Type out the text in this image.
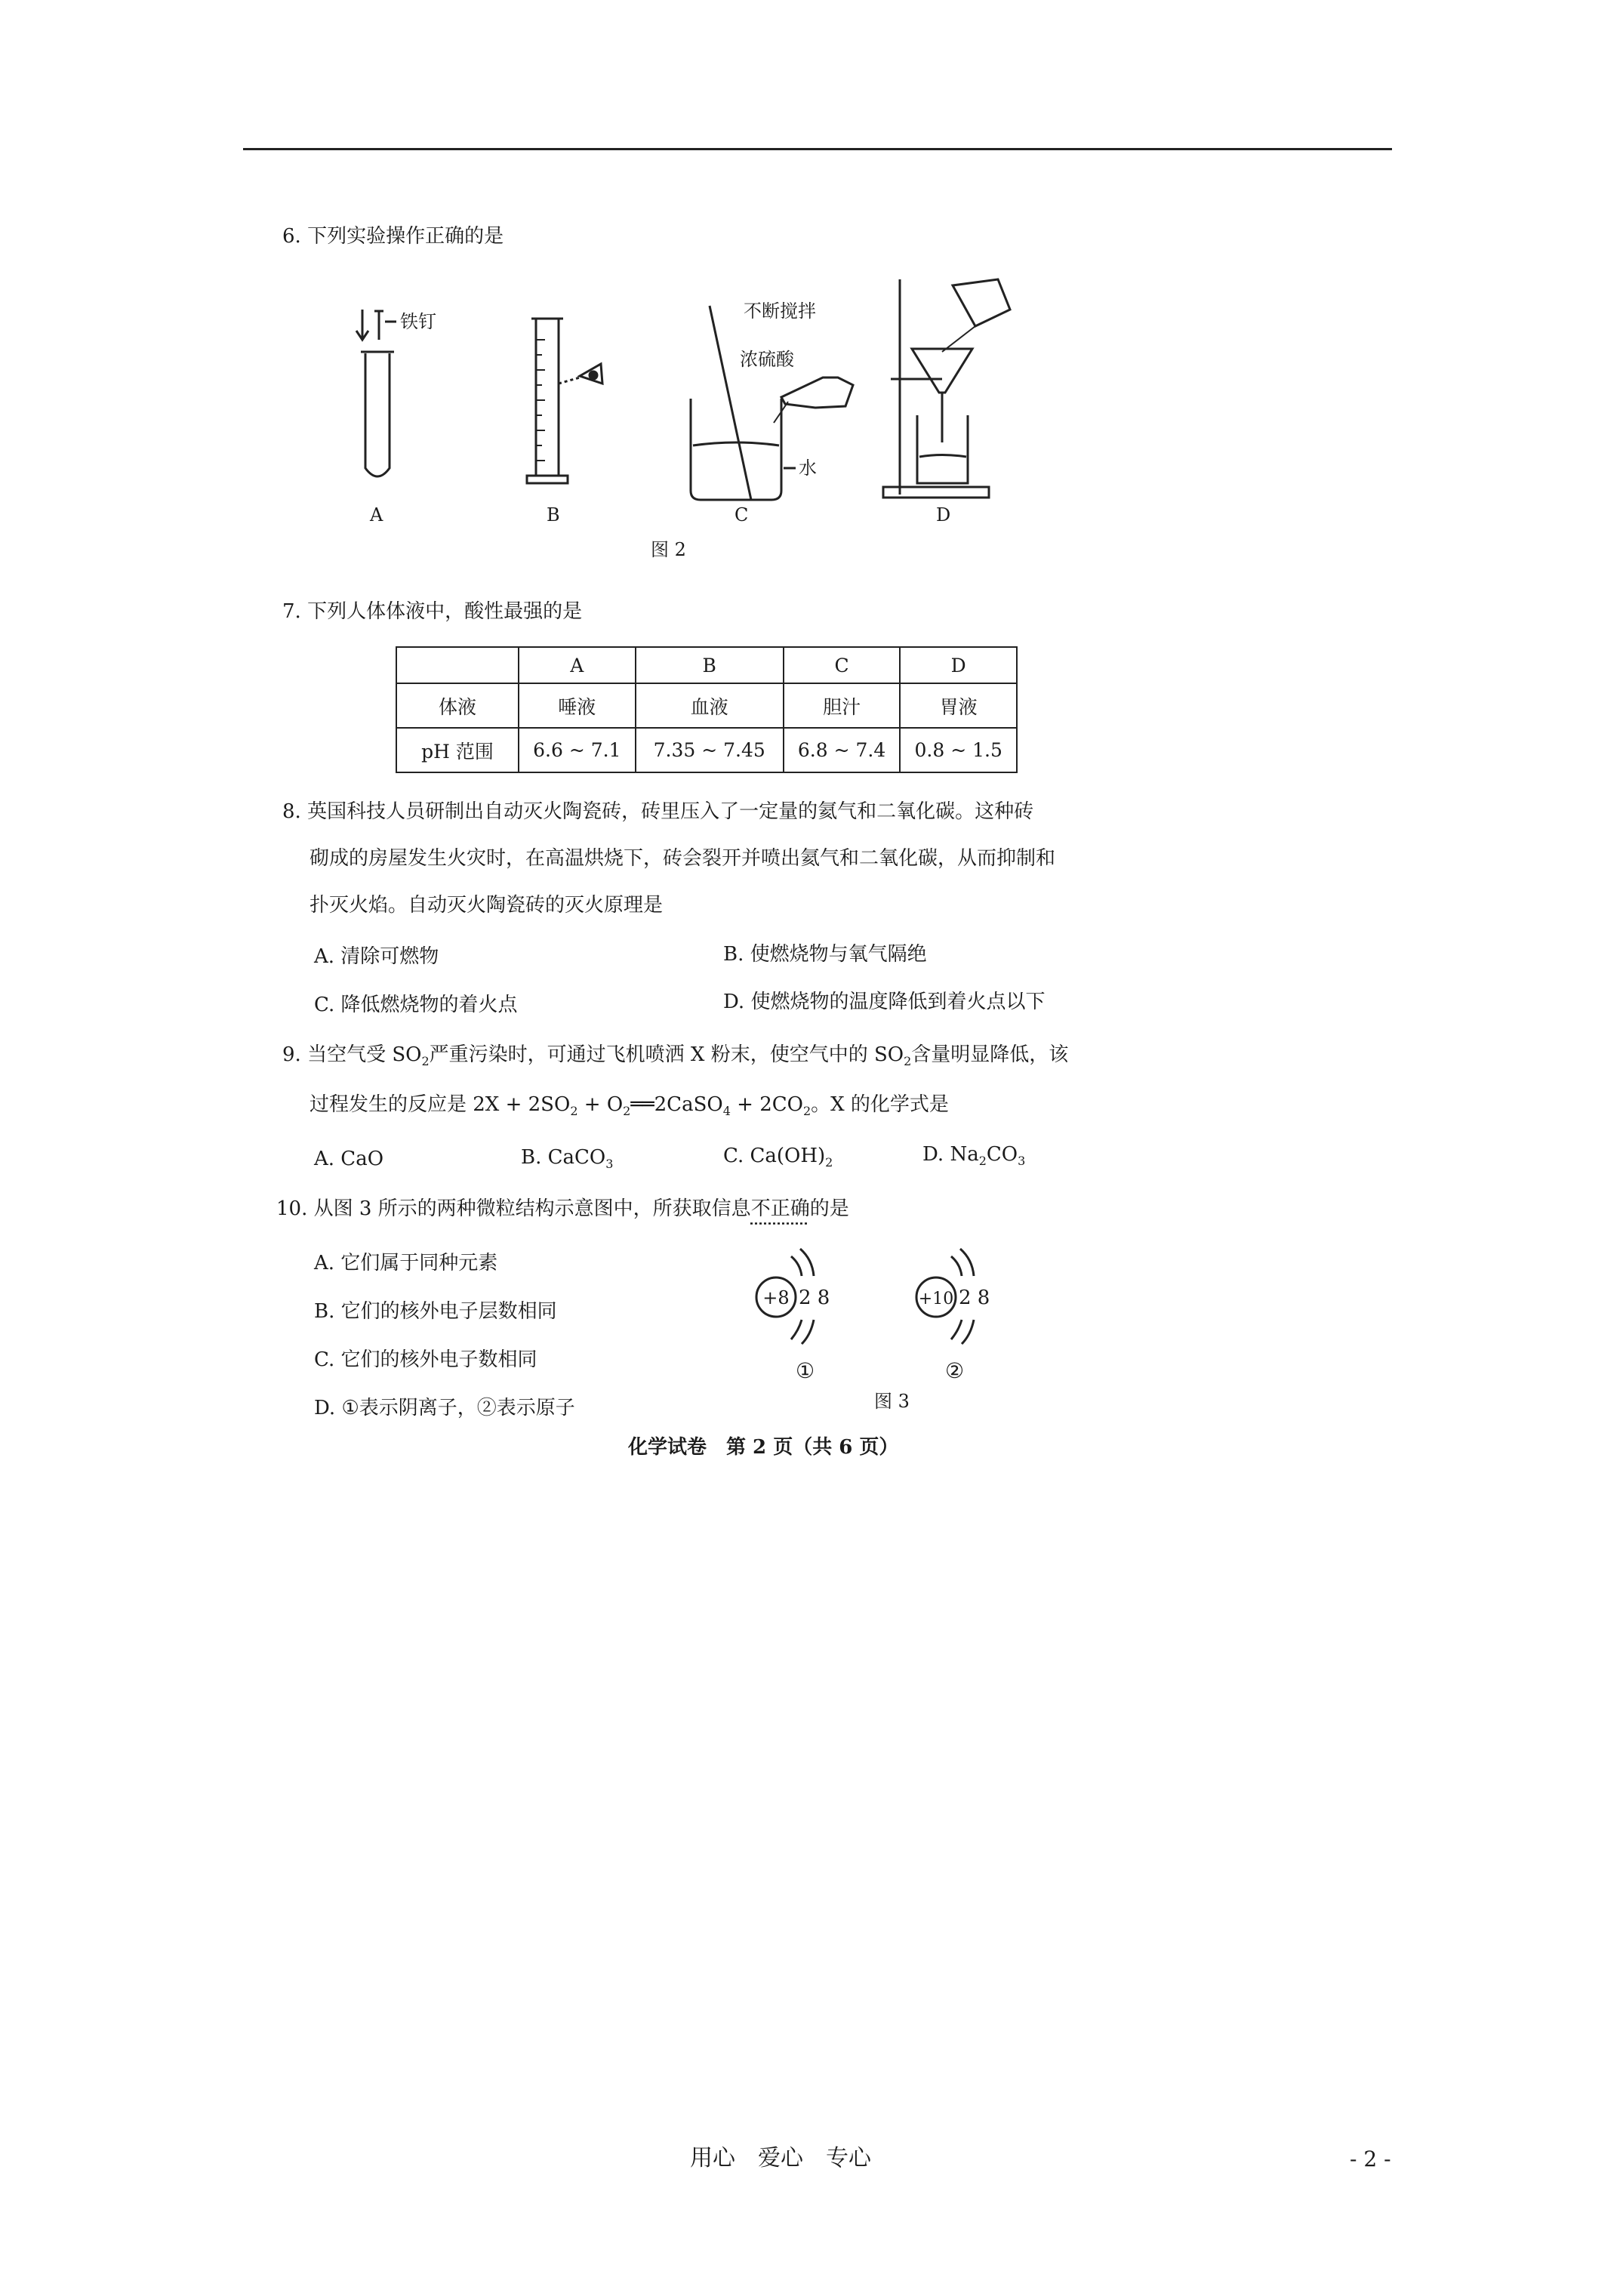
6. 下列实验操作正确的是
铁钉	不断搅拌
浓硫酸
水
A	B	C	D
图 2
7. 下列人体体液中，酸性最强的是
	A	B	C	D
体液	唾液	血液	胆汁	胃液
pH 范围	6.6 ~ 7.1	7.35 ~ 7.45	6.8 ~ 7.4	0.8 ~ 1.5
8. 英国科技人员研制出自动灭火陶瓷砖，砖里压入了一定量的氦气和二氧化碳。这种砖
砌成的房屋发生火灾时，在高温烘烧下，砖会裂开并喷出氦气和二氧化碳，从而抑制和
扑灭火焰。自动灭火陶瓷砖的灭火原理是
A. 清除可燃物	B. 使燃烧物与氧气隔绝
C. 降低燃烧物的着火点	D. 使燃烧物的温度降低到着火点以下
9. 当空气受 $SO_2$严重污染时，可通过飞机喷洒 X 粉末，使空气中的 $SO_2$含量明显降低，该
过程发生的反应是 $2X + 2SO_2$ + $O_2══2CaSO_4 + 2CO_2$。X 的化学式是
A. CaO	B. CaCO$_3$	C. $Ca(OH)_2$	D. $Na_2CO_3$
10. 从图 3 所示的两种微粒结构示意图中，所获取信息不正确的是
A. 它们属于同种元素
B. 它们的核外电子层数相同
C. 它们的核外电子数相同
D. ①表示阴离子，②表示原子
+8 2 8
①
+10 2 8
②
图 3
化学试卷　第 2 页（共 6 页）
用心　爱心　专心	- 2 -
